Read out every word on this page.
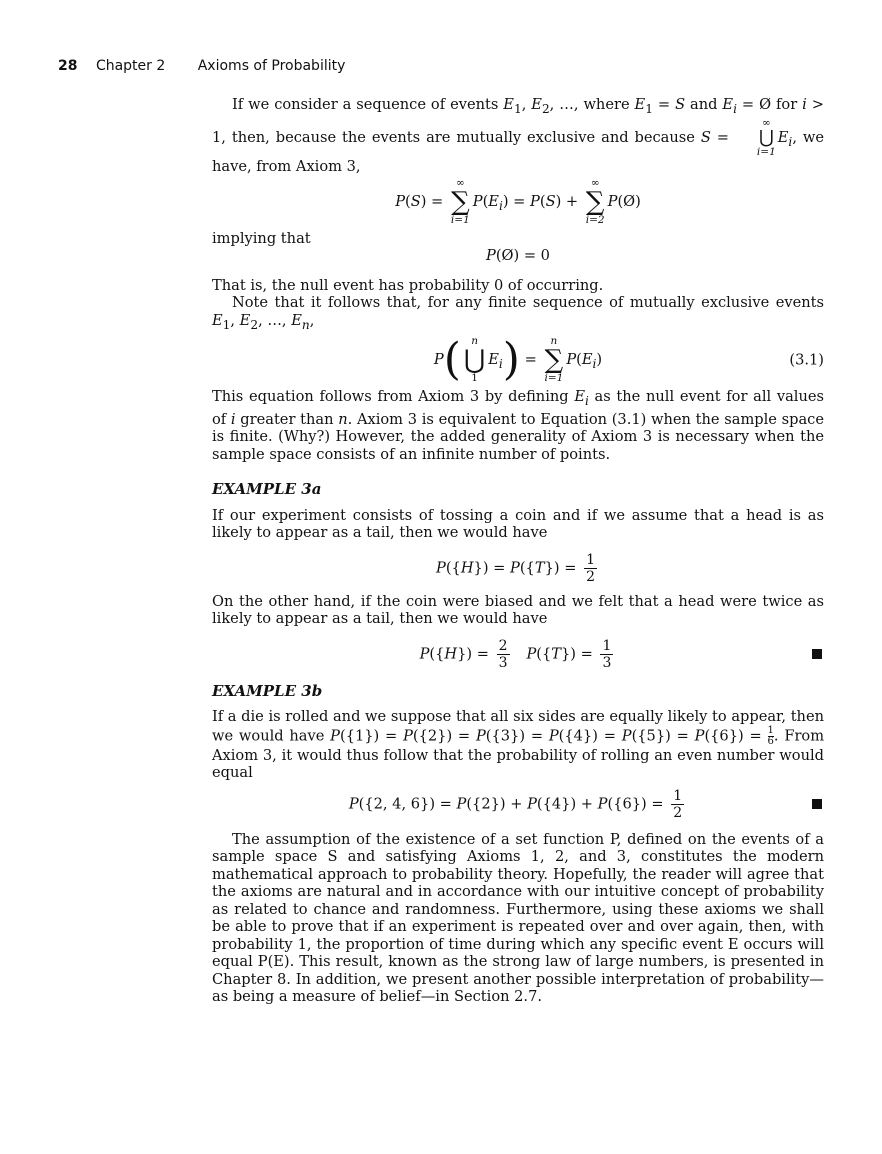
28 Chapter 2 Axioms of Probability

If we consider a sequence of events $E_1$, $E_2$, …, where $E_1 = S$ and $E_i$ = Ø for i > 1, then, because the events are mutually exclusive and because S =
∞
⋃
i=1
$E_i$, we have, from Axiom 3,

P(S) =
∞
∑
i=1
$P(E_i) = P(S)$ +
∞
∑
i=2
P(Ø)
implying that
P(Ø) = 0

That is, the null event has probability 0 of occurring.

Note that it follows that, for any finite sequence of mutually exclusive events $E_1$, $E_2$, …, $E_n$,

P( n
⋃
1
$E_i$) =
n
∑
i=1
$P(E_i)$	(3.1)

This equation follows from Axiom 3 by defining $E_i$ as the null event for all values of i greater than n. Axiom 3 is equivalent to Equation (3.1) when the sample space is finite. (Why?) However, the added generality of Axiom 3 is necessary when the sample space consists of an infinite number of points.

EXAMPLE 3a

If our experiment consists of tossing a coin and if we assume that a head is as likely to appear as a tail, then we would have

$P(\{H\}) = P(\{T\}) = \frac{1}{2}$

On the other hand, if the coin were biased and we felt that a head were twice as likely to appear as a tail, then we would have

$P(\{H\}) = \frac{2}{3} P(\{T\}) = \frac{1}{3}$

EXAMPLE 3b

If a die is rolled and we suppose that all six sides are equally likely to appear, then we would have $P(\{1\}) = P(\{2\}) = P(\{3\}) = P(\{4\}) = P(\{5\}) = P(\{6\}) = \frac{1}{6}$ . From Axiom 3, it would thus follow that the probability of rolling an even number would equal

P({2, 4, $6\}) = P(\{2\}) + P(\{4\}) + P(\{6\}) = \frac{1}{2}$

The assumption of the existence of a set function P, defined on the events of a sample space S and satisfying Axioms 1, 2, and 3, constitutes the modern mathematical approach to probability theory. Hopefully, the reader will agree that the axioms are natural and in accordance with our intuitive concept of probability as related to chance and randomness. Furthermore, using these axioms we shall be able to prove that if an experiment is repeated over and over again, then, with probability 1, the proportion of time during which any specific event E occurs will equal P(E). This result, known as the strong law of large numbers, is presented in Chapter 8. In addition, we present another possible interpretation of probability—as being a measure of belief—in Section 2.7.
